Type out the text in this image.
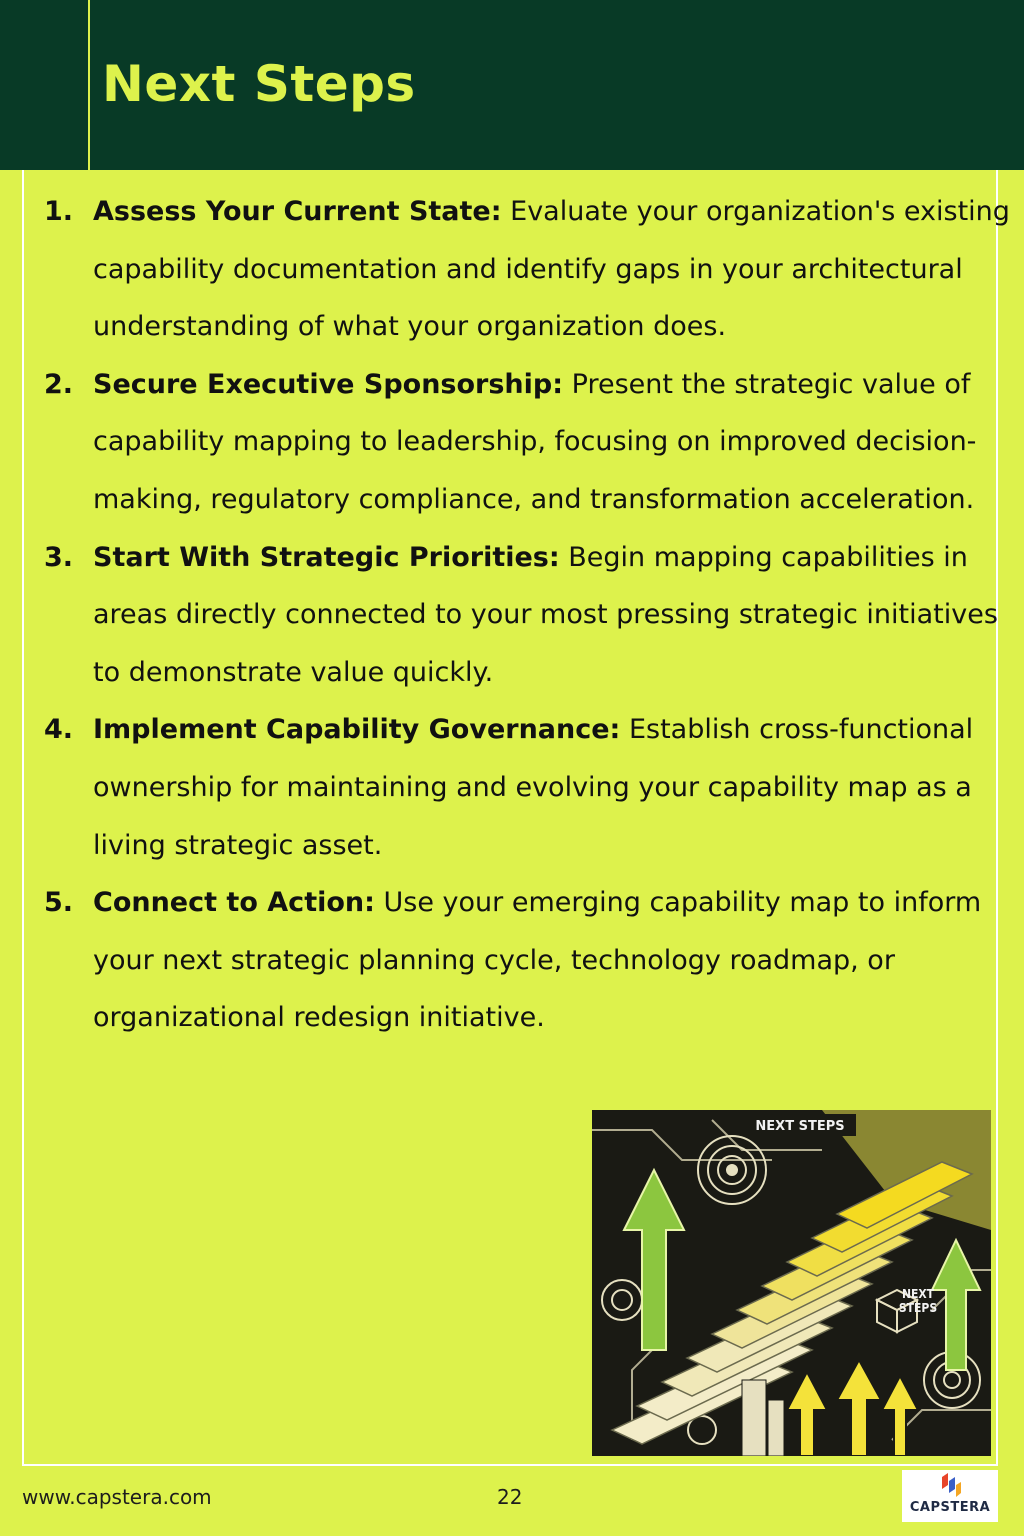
Next Steps
1. Assess Your Current State: Evaluate your organization's existing capability documentation and identify gaps in your architectural understanding of what your organization does.
2. Secure Executive Sponsorship: Present the strategic value of capability mapping to leadership, focusing on improved decision-making, regulatory compliance, and transformation acceleration.
3. Start With Strategic Priorities: Begin mapping capabilities in areas directly connected to your most pressing strategic initiatives to demonstrate value quickly.
4. Implement Capability Governance: Establish cross-functional ownership for maintaining and evolving your capability map as a living strategic asset.
5. Connect to Action: Use your emerging capability map to inform your next strategic planning cycle, technology roadmap, or organizational redesign initiative.
NEXT STEPS
NEXT
STEPS
www.capstera.com	22	CAPSTERA
